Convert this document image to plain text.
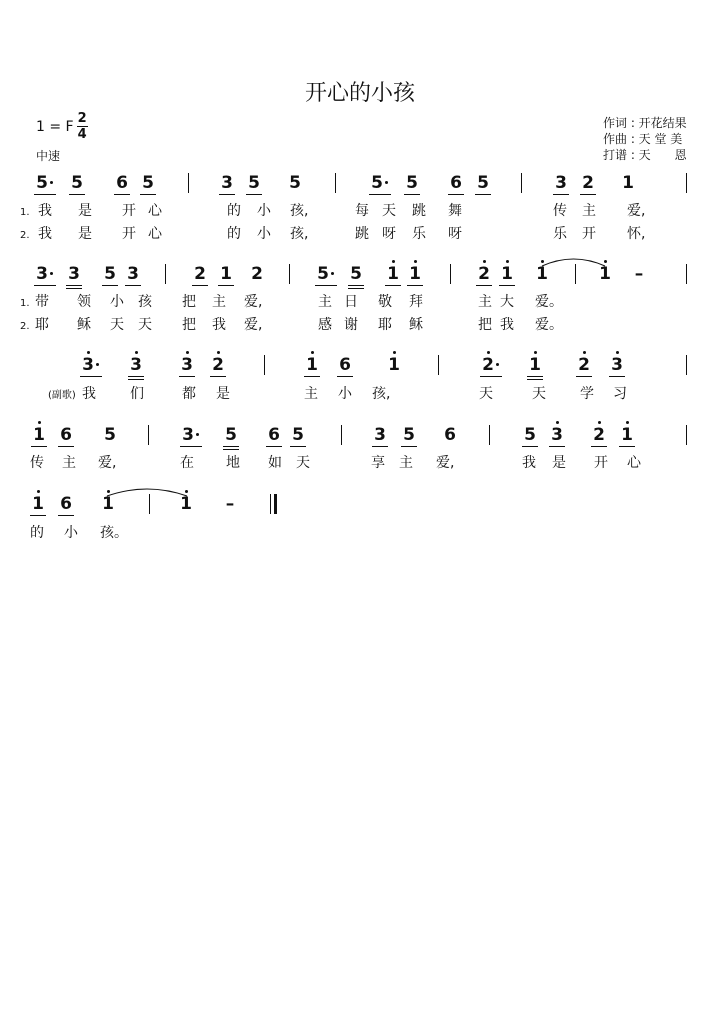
开心的小孩
1 = F $\frac{2}{4}$
中速
作词 : 开花结果
作曲 : 天 堂 美
打谱 : 天　　恩
5 5 6 5	3 5 5	5 5 6 5	3 2 1
1. 我 是 开 心	的 小 孩,	每 天 跳 舞	传 主 爱,
2. 我 是 开 心	的 小 孩,	跳 呀 乐 呀	乐 开 怀,
3 3 5 3	2 1 2	5 5 1 1	2 1 1	1 –
1. 带 领 小 孩 把 主 爱,	主 日 敬 拜	主 大 爱。
2. 耶 稣 天 天 把 我 爱,	感 谢 耶 稣	把 我 爱。
3 3 3 2	1 6 1	2 1 2 3
(副歌) 我 们	都 是	主 小 孩,	天	天 学 习
1 6 5	3 5 6 5	3 5 6	5 3 2 1
传 主 爱,	在 地 如 天	享 主 爱,	我 是 开 心
1 6 1	1 –
的 小 孩。
